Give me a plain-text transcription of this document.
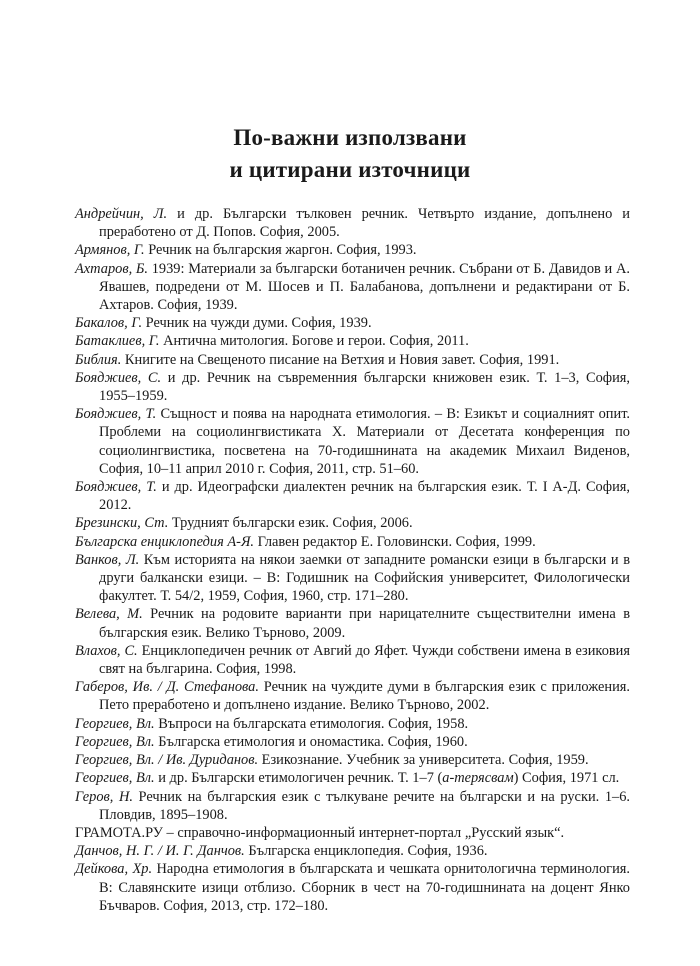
По-важни използвани
и цитирани източници

Андрейчин, Л. и др. Български тълковен речник. Четвърто издание, допълнено и преработено от Д. Попов. София, 2005.

Армянов, Г. Речник на българския жаргон. София, 1993.

Ахтаров, Б. 1939: Материали за български ботаничен речник. Събрани от Б. Давидов и А. Явашев, подредени от М. Шосев и П. Балабанова, допълнени и редактирани от Б. Ахтаров. София, 1939.

Бакалов, Г. Речник на чужди думи. София, 1939.

Батаклиев, Г. Антична митология. Богове и герои. София, 2011.

Библия. Книгите на Свещеното писание на Ветхия и Новия завет. София, 1991.

Бояджиев, С. и др. Речник на съвременния български книжовен език. Т. 1–3, София, 1955–1959.

Бояджиев, Т. Същност и поява на народната етимология. – В: Езикът и социалният опит. Проблеми на социолингвистиката Х. Материали от Десетата конференция по социолингвистика, посветена на 70-годишнината на академик Михаил Виденов, София, 10–11 април 2010 г. София, 2011, стр. 51–60.

Бояджиев, Т. и др. Идеографски диалектен речник на българския език. Т. І А-Д. София, 2012.

Брезински, Ст. Трудният български език. София, 2006.

Българска енциклопедия А-Я. Главен редактор Е. Головински. София, 1999.

Ванков, Л. Към историята на някои заемки от западните романски езици в български и в други балкански езици. – В: Годишник на Софийския университет, Филологически факултет. Т. 54/2, 1959, София, 1960, стр. 171–280.

Велева, М. Речник на родовите варианти при нарицателните съществителни имена в българския език. Велико Търново, 2009.

Влахов, С. Енциклопедичен речник от Авгий до Яфет. Чужди собствени имена в езиковия свят на българина. София, 1998.

Габеров, Ив. / Д. Стефанова. Речник на чуждите думи в българския език с приложения. Пето преработено и допълнено издание. Велико Търново, 2002.

Георгиев, Вл. Въпроси на българската етимология. София, 1958.

Георгиев, Вл. Българска етимология и ономастика. София, 1960.

Георгиев, Вл. / Ив. Дуриданов. Езикознание. Учебник за университета. София, 1959.

Георгиев, Вл. и др. Български етимологичен речник. Т. 1–7 (а-терясвам) София, 1971 сл.

Геров, Н. Речник на българския език с тълкуване речите на български и на руски. 1–6. Пловдив, 1895–1908.

ГРАМОТА.РУ – справочно-информационный интернет-портал „Русский язык“.

Данчов, Н. Г. / И. Г. Данчов. Българска енциклопедия. София, 1936.

Дейкова, Хр. Народна етимология в българската и чешката орнитологична терминология. В: Славянските изици отблизо. Сборник в чест на 70-годишнината на доцент Янко Бъчваров. София, 2013, стр. 172–180.
